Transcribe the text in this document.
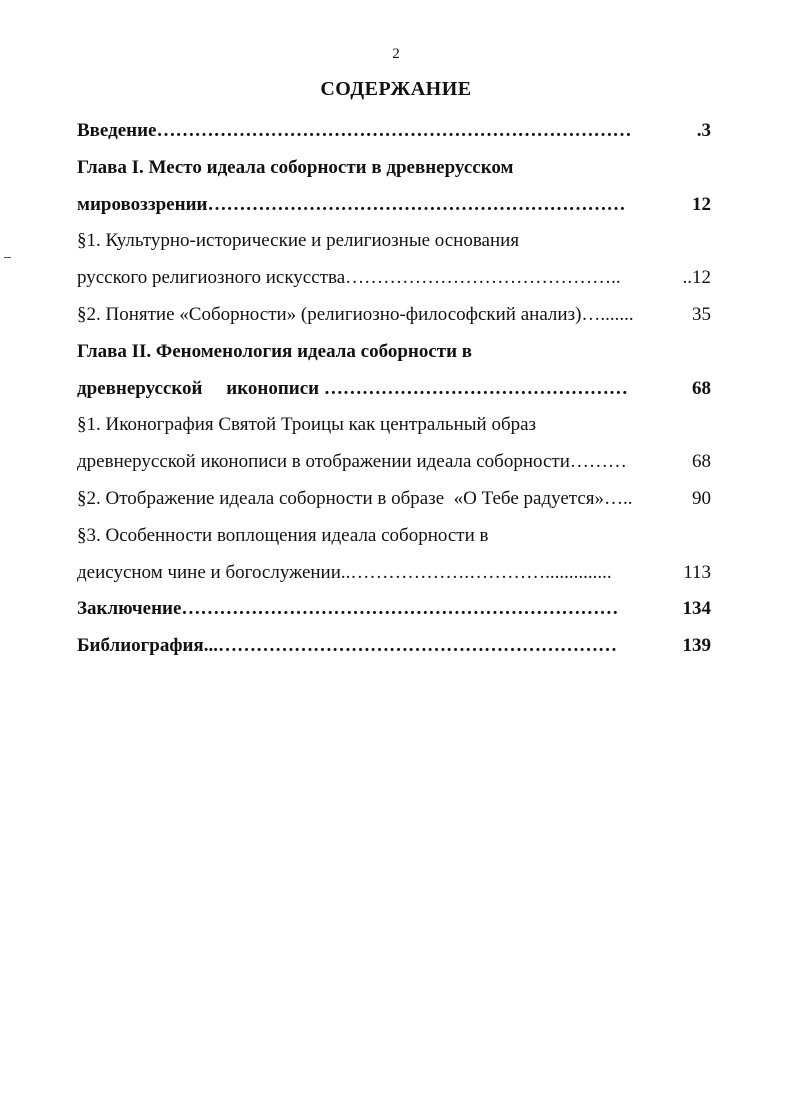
2
СОДЕРЖАНИЕ
Введение …………………………………………………………………	.3
Глава I. Место идеала соборности в древнерусском
мировоззрении …………………………………………………………	12
§1. Культурно-исторические и религиозные основания
русского религиозного искусства ……………………………………..	..12
§2. Понятие «Соборности» (религиозно-философский анализ) ….......	35
Глава II. Феноменология идеала соборности в
древнерусской     иконописи …………………………………………	68
§1. Иконография Святой Троицы как центральный образ
древнерусской иконописи в отображении идеала соборности ………	68
§2. Отображение идеала соборности в образе  «О Тебе радуется» …..	90
§3. Особенности воплощения идеала соборности в
деисусном чине и богослужении ..……………….…………..............	113
Заключение ……………………………………………………………	134
Библиография ...………………………………………………………	139
